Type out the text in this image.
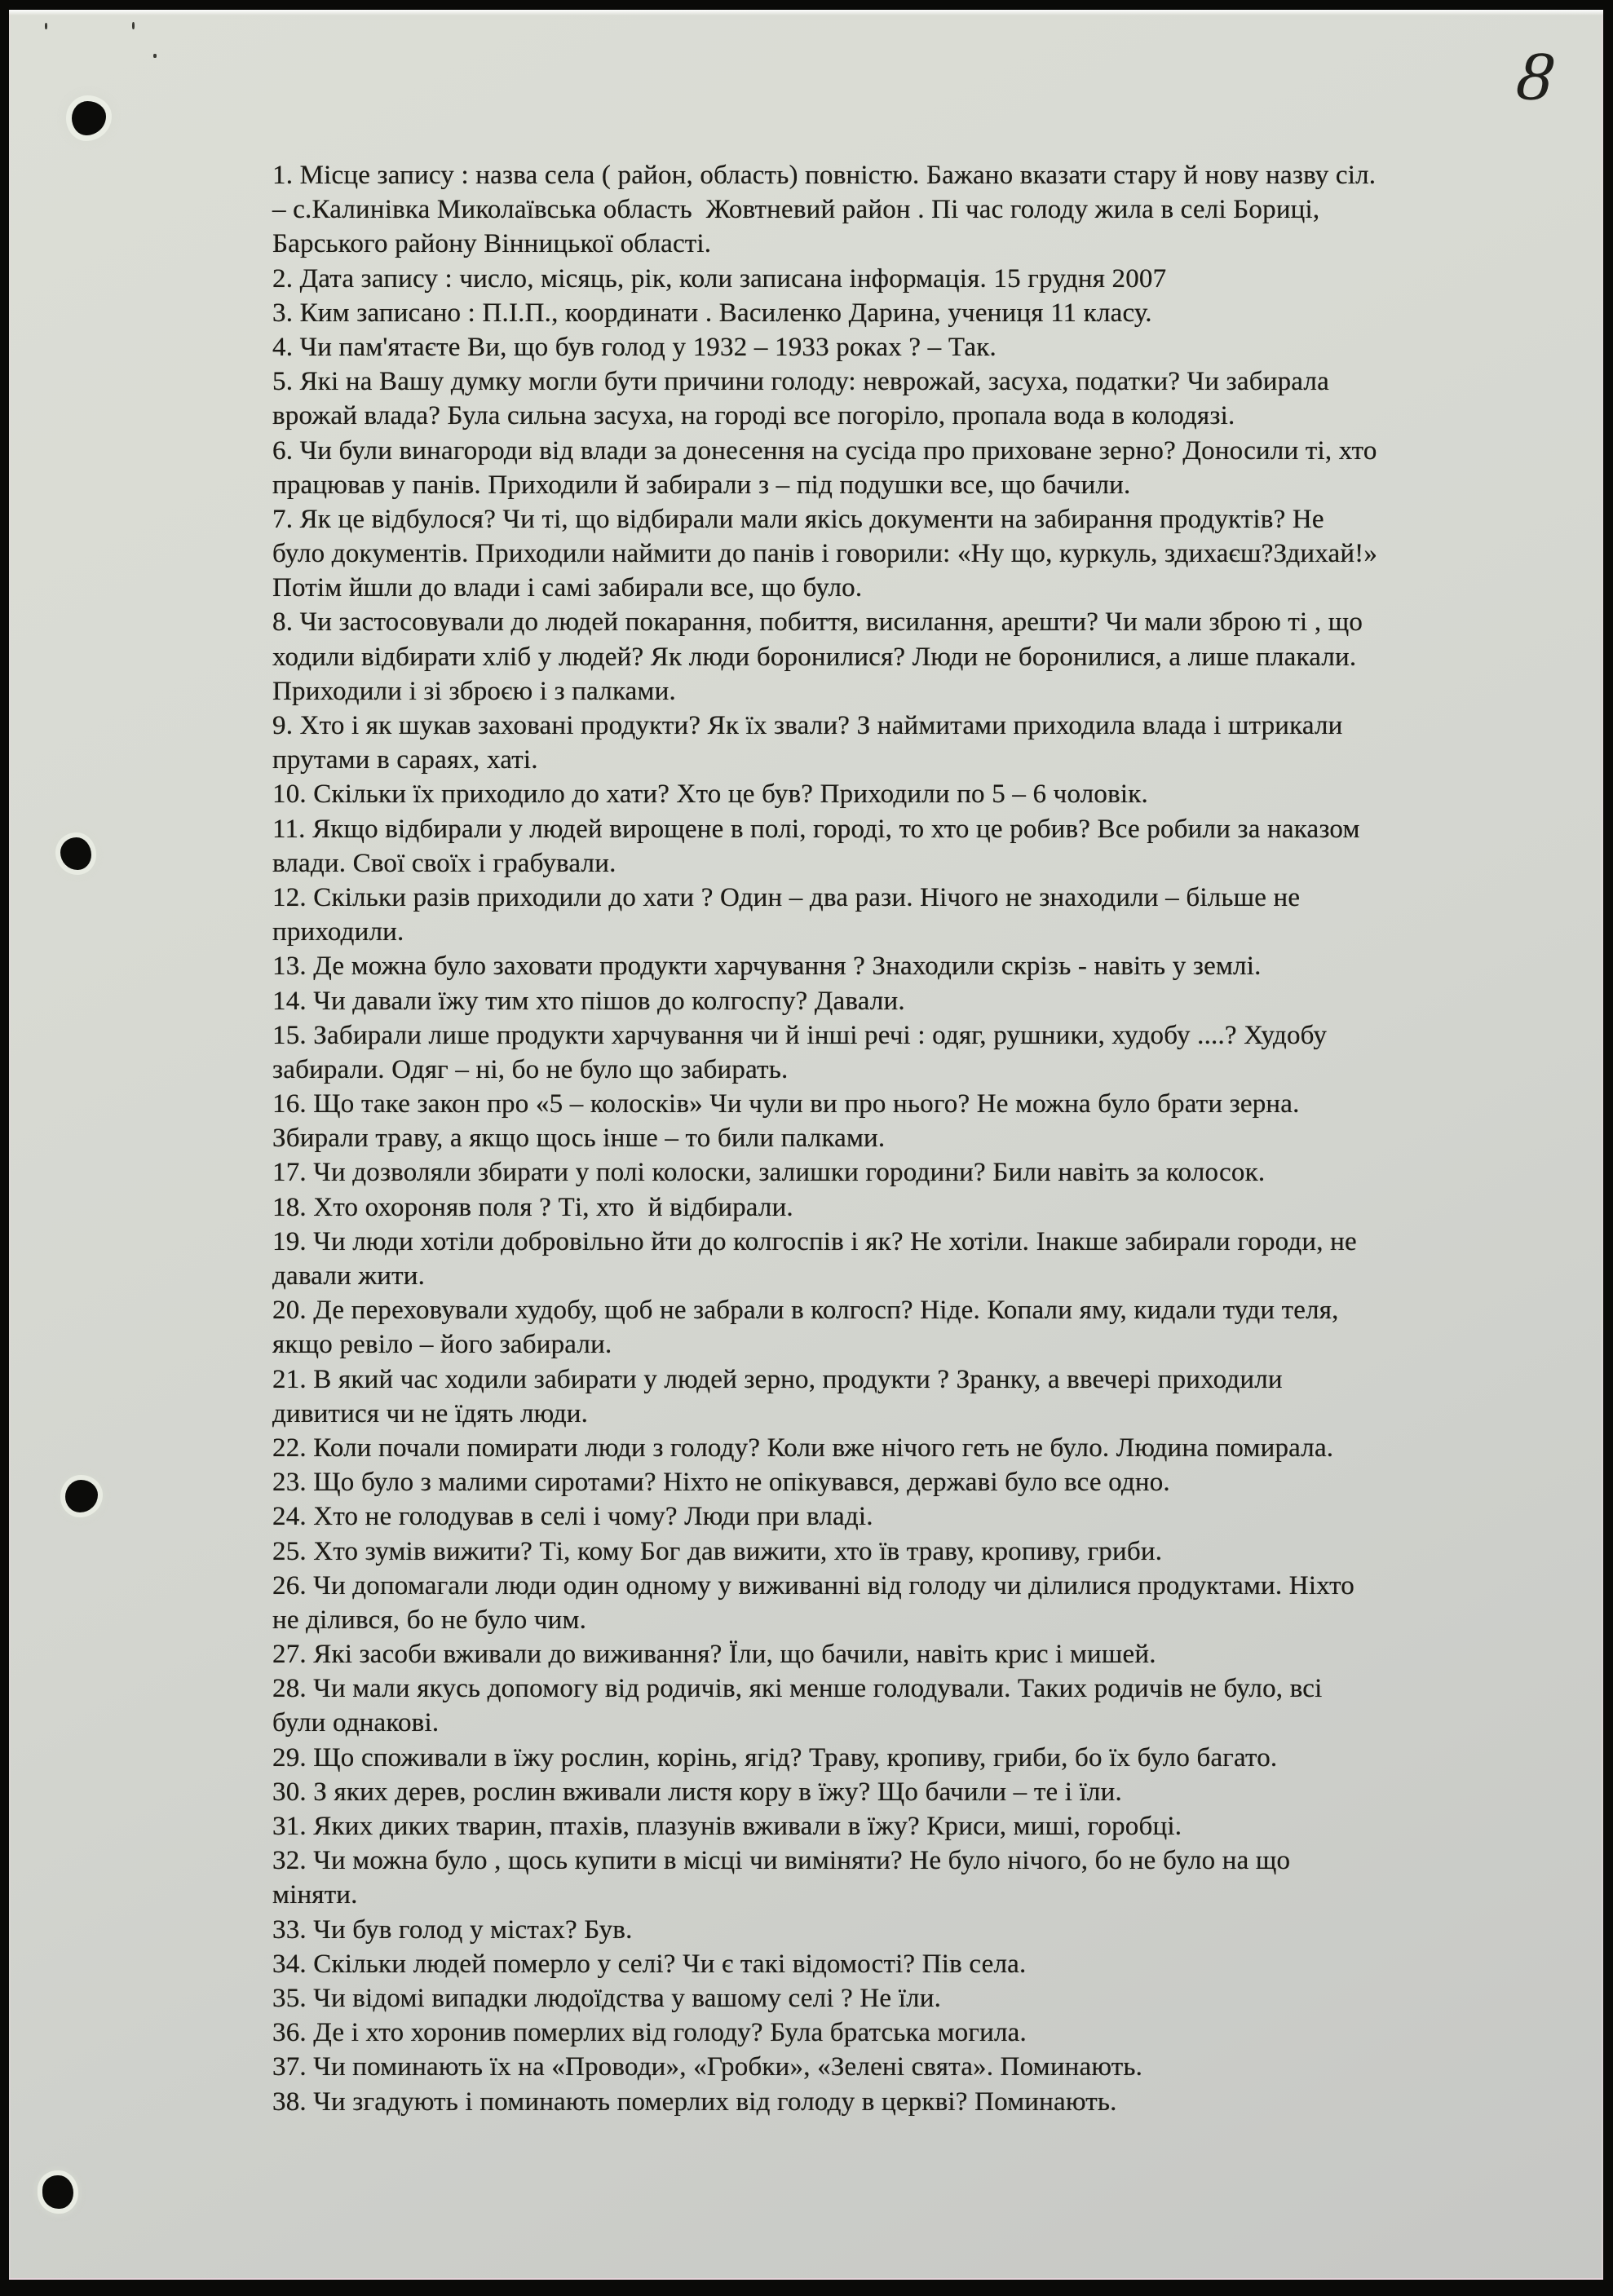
8
1. Місце запису : назва села ( район, область) повністю. Бажано вказати стару й нову назву сіл.
– с.Калинівка Миколаївська область  Жовтневий район . Пі час голоду жила в селі Бориці,
Барського району Вінницької області.
2. Дата запису : число, місяць, рік, коли записана інформація. 15 грудня 2007
3. Ким записано : П.І.П., координати . Василенко Дарина, учениця 11 класу.
4. Чи пам'ятаєте Ви, що був голод у 1932 – 1933 роках ? – Так.
5. Які на Вашу думку могли бути причини голоду: неврожай, засуха, податки? Чи забирала
врожай влада? Була сильна засуха, на городі все погоріло, пропала вода в колодязі.
6. Чи були винагороди від влади за донесення на сусіда про приховане зерно? Доносили ті, хто
працював у панів. Приходили й забирали з – під подушки все, що бачили.
7. Як це відбулося? Чи ті, що відбирали мали якісь документи на забирання продуктів? Не
було документів. Приходили наймити до панів і говорили: «Ну що, куркуль, здихаєш?Здихай!»
Потім йшли до влади і самі забирали все, що було.
8. Чи застосовували до людей покарання, побиття, висилання, арешти? Чи мали зброю ті , що
ходили відбирати хліб у людей? Як люди боронилися? Люди не боронилися, а лише плакали.
Приходили і зі зброєю і з палками.
9. Хто і як шукав заховані продукти? Як їх звали? З наймитами приходила влада і штрикали
прутами в сараях, хаті.
10. Скільки їх приходило до хати? Хто це був? Приходили по 5 – 6 чоловік.
11. Якщо відбирали у людей вирощене в полі, городі, то хто це робив? Все робили за наказом
влади. Свої своїх і грабували.
12. Скільки разів приходили до хати ? Один – два рази. Нічого не знаходили – більше не
приходили.
13. Де можна було заховати продукти харчування ? Знаходили скрізь - навіть у землі.
14. Чи давали їжу тим хто пішов до колгоспу? Давали.
15. Забирали лише продукти харчування чи й інші речі : одяг, рушники, худобу ....? Худобу
забирали. Одяг – ні, бо не було що забирать.
16. Що таке закон про «5 – колосків» Чи чули ви про нього? Не можна було брати зерна.
Збирали траву, а якщо щось інше – то били палками.
17. Чи дозволяли збирати у полі колоски, залишки городини? Били навіть за колосок.
18. Хто охороняв поля ? Ті, хто  й відбирали.
19. Чи люди хотіли добровільно йти до колгоспів і як? Не хотіли. Інакше забирали городи, не
давали жити.
20. Де переховували худобу, щоб не забрали в колгосп? Ніде. Копали яму, кидали туди теля,
якщо ревіло – його забирали.
21. В який час ходили забирати у людей зерно, продукти ? Зранку, а ввечері приходили
дивитися чи не їдять люди.
22. Коли почали помирати люди з голоду? Коли вже нічого геть не було. Людина помирала.
23. Що було з малими сиротами? Ніхто не опікувався, державі було все одно.
24. Хто не голодував в селі і чому? Люди при владі.
25. Хто зумів вижити? Ті, кому Бог дав вижити, хто їв траву, кропиву, гриби.
26. Чи допомагали люди один одному у виживанні від голоду чи ділилися продуктами. Ніхто
не ділився, бо не було чим.
27. Які засоби вживали до виживання? Їли, що бачили, навіть крис і мишей.
28. Чи мали якусь допомогу від родичів, які менше голодували. Таких родичів не було, всі
були однакові.
29. Що споживали в їжу рослин, корінь, ягід? Траву, кропиву, гриби, бо їх було багато.
30. З яких дерев, рослин вживали листя кору в їжу? Що бачили – те і їли.
31. Яких диких тварин, птахів, плазунів вживали в їжу? Криси, миші, горобці.
32. Чи можна було , щось купити в місці чи виміняти? Не було нічого, бо не було на що
міняти.
33. Чи був голод у містах? Був.
34. Скільки людей померло у селі? Чи є такі відомості? Пів села.
35. Чи відомі випадки людоїдства у вашому селі ? Не їли.
36. Де і хто хоронив померлих від голоду? Була братська могила.
37. Чи поминають їх на «Проводи», «Гробки», «Зелені свята». Поминають.
38. Чи згадують і поминають померлих від голоду в церкві? Поминають.
